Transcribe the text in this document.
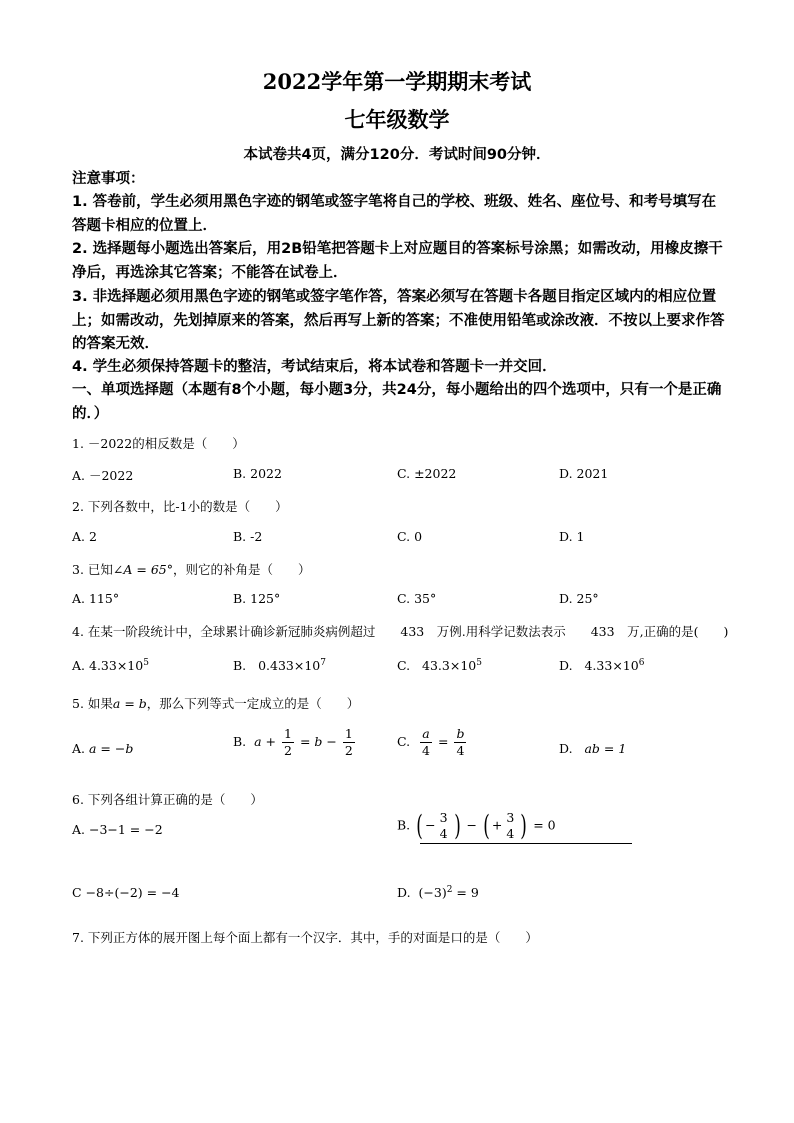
2022学年第一学期期末考试
七年级数学
本试卷共4页，满分120分．考试时间90分钟．
注意事项：
1. 答卷前，学生必须用黑色字迹的钢笔或签字笔将自己的学校、班级、姓名、座位号、和考号填写在答题卡相应的位置上．
2. 选择题每小题选出答案后，用2B铅笔把答题卡上对应题目的答案标号涂黑；如需改动，用橡皮擦干净后，再选涂其它答案；不能答在试卷上．
3. 非选择题必须用黑色字迹的钢笔或签字笔作答，答案必须写在答题卡各题目指定区域内的相应位置上；如需改动，先划掉原来的答案，然后再写上新的答案；不准使用铅笔或涂改液．不按以上要求作答的答案无效．
4. 学生必须保持答题卡的整洁，考试结束后，将本试卷和答题卡一并交回．
一、单项选择题（本题有8个小题，每小题3分，共24分，每小题给出的四个选项中，只有一个是正确的．）
1. －2022的相反数是（　　）
A. －2022	B. 2022	C. ±2022	D. 2021
2. 下列各数中，比-1小的数是（　　）
A. 2	B. -2	C. 0	D. 1
3. 已知∠A = 65°，则它的补角是（　　）
A. 115°	B. 125°	C. 35°	D. 25°
4. 在某一阶段统计中，全球累计确诊新冠肺炎病例超过　　433　万例.用科学记数法表示　　433　万,正确的是(　　)
A. $4.33\times 10^5$	B. $0.433\times 10^7$	C. $43.3\times 10^5$	D. $4.33\times 10^6$
5. 如果a = b，那么下列等式一定成立的是（　　）
A. a = −b	B. $a + \frac{1}{2} = b - \frac{1}{2}$	C. $\frac{a}{4} = \frac{b}{4}$	D. ab = 1
6. 下列各组计算正确的是（　　）
A. −3−1 = −2	B. ( − 3
4 ) − ( + 3
4 ) = 0
C −8÷(−2) = −4	D. $(-3)^2 = 9$
7. 下列正方体的展开图上每个面上都有一个汉字．其中，手的对面是口的是（　　）
